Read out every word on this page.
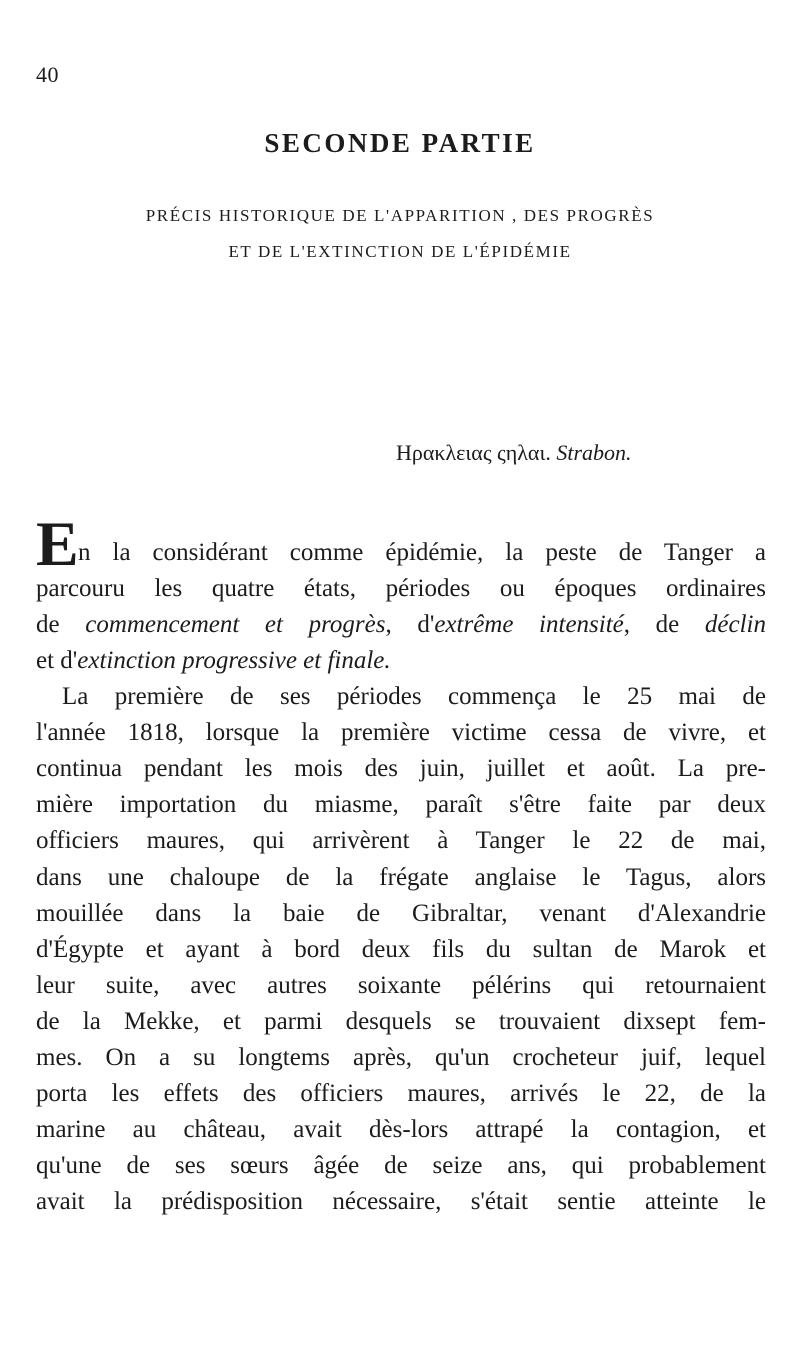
40
SECONDE PARTIE
PRÉCIS HISTORIQUE DE L'APPARITION , DES PROGRÈS
ET DE L'EXTINCTION DE L'ÉPIDÉMIE
Ηρακλειας ςηλαι. Strabon.
E n la considérant comme épidémie, la peste de Tanger a
parcouru les quatre états, périodes ou époques ordinaires
de commencement et progrès, d'extrême intensité, de déclin
et d'extinction progressive et finale.
La première de ses périodes commença le 25 mai de
l'année 1818, lorsque la première victime cessa de vivre, et
continua pendant les mois des juin, juillet et août. La pre-
mière importation du miasme, paraît s'être faite par deux
officiers maures, qui arrivèrent à Tanger le 22 de mai,
dans une chaloupe de la frégate anglaise le Tagus, alors
mouillée dans la baie de Gibraltar, venant d'Alexandrie
d'Égypte et ayant à bord deux fils du sultan de Marok et
leur suite, avec autres soixante pélérins qui retournaient
de la Mekke, et parmi desquels se trouvaient dixsept fem-
mes. On a su longtems après, qu'un crocheteur juif, lequel
porta les effets des officiers maures, arrivés le 22, de la
marine au château, avait dès-lors attrapé la contagion, et
qu'une de ses sœurs âgée de seize ans, qui probablement
avait la prédisposition nécessaire, s'était sentie atteinte le
